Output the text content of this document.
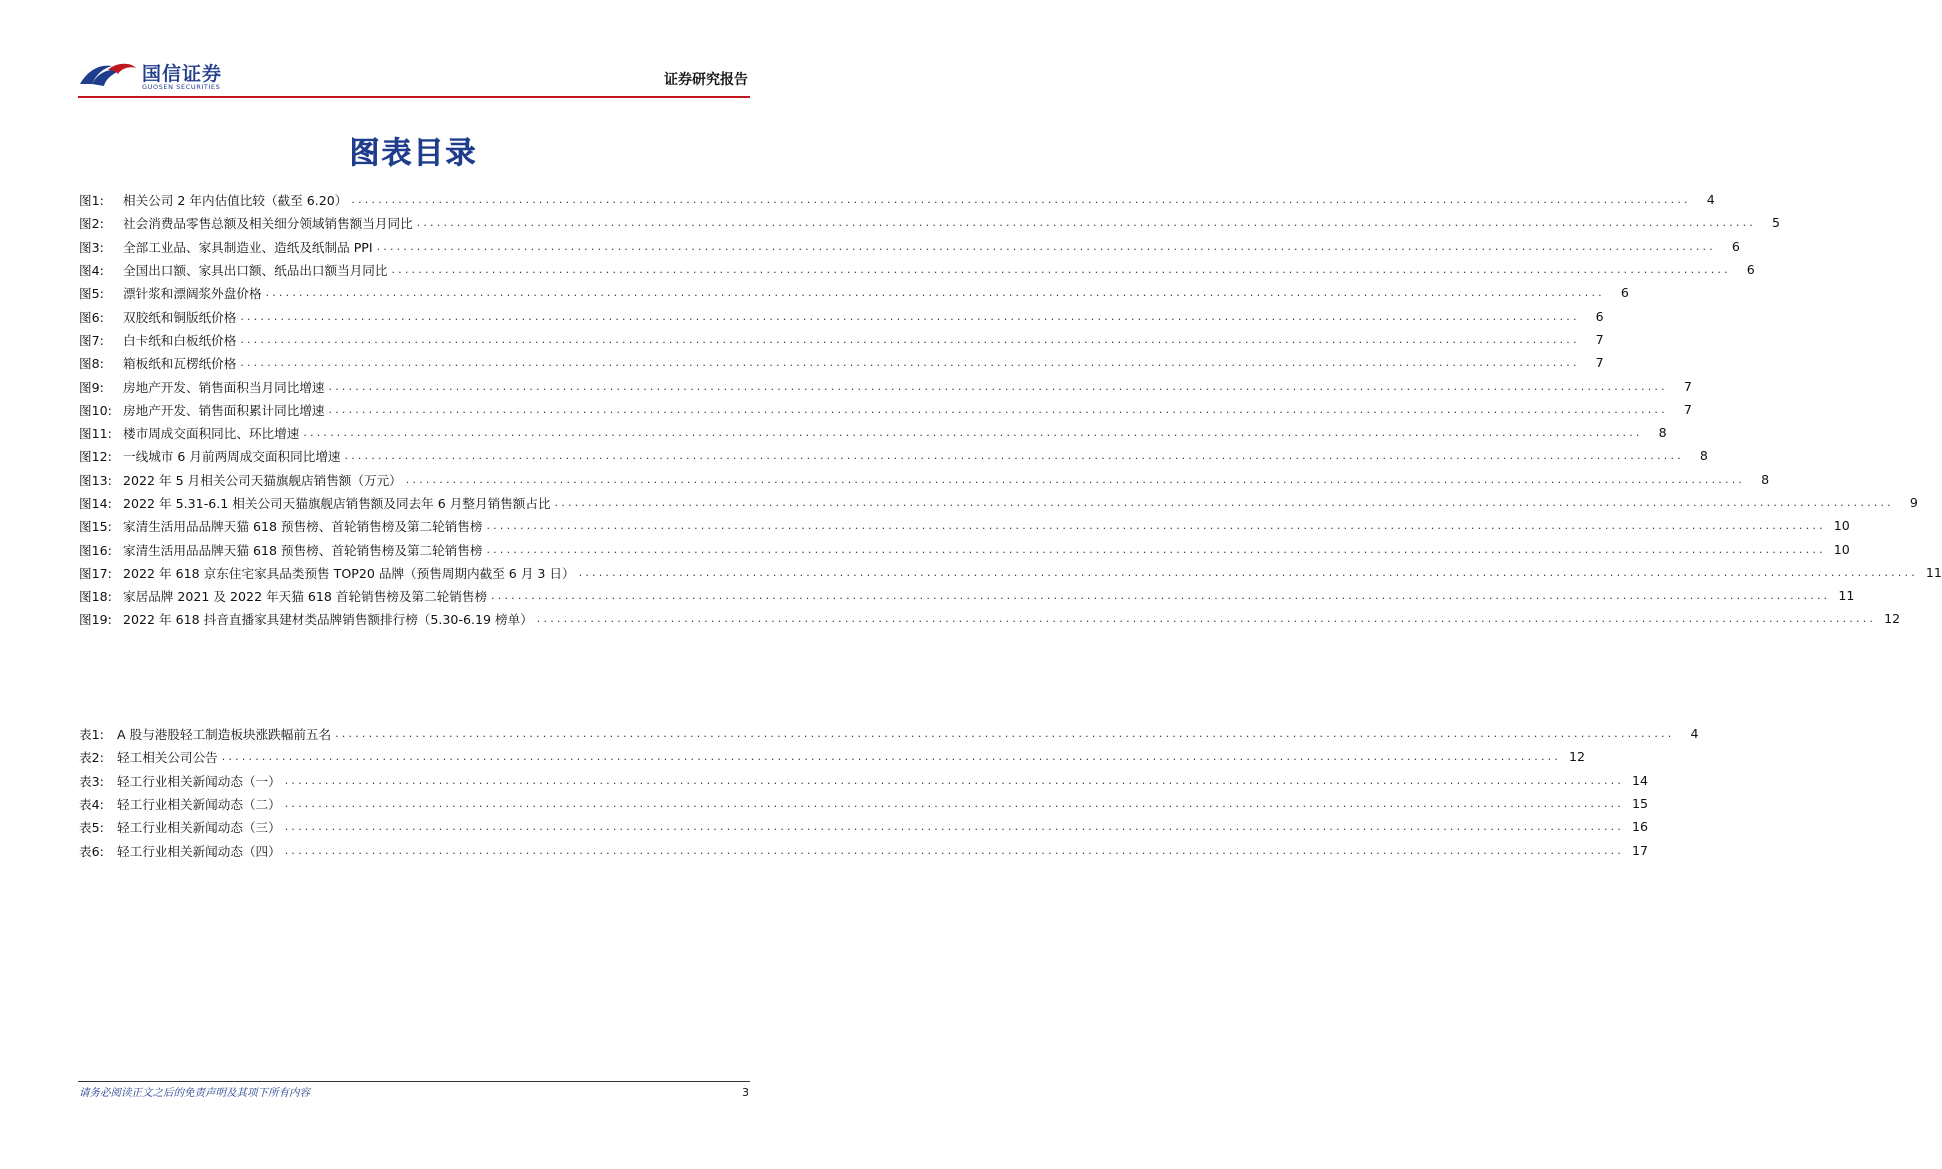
国信证券
GUOSEN SECURITIES	证券研究报告
图表目录
图1: 相关公司 2 年内估值比较（截至 6.20） ........................................................................................................................................................................................................	4
图2: 社会消费品零售总额及相关细分领域销售额当月同比 ........................................................................................................................................................................................................	5
图3: 全部工业品、家具制造业、造纸及纸制品 PPI ........................................................................................................................................................................................................	6
图4: 全国出口额、家具出口额、纸品出口额当月同比 ........................................................................................................................................................................................................	6
图5: 漂针浆和漂阔浆外盘价格 ........................................................................................................................................................................................................	6
图6: 双胶纸和铜版纸价格 ........................................................................................................................................................................................................	6
图7: 白卡纸和白板纸价格 ........................................................................................................................................................................................................	7
图8: 箱板纸和瓦楞纸价格 ........................................................................................................................................................................................................	7
图9: 房地产开发、销售面积当月同比增速 ........................................................................................................................................................................................................	7
图10: 房地产开发、销售面积累计同比增速 ........................................................................................................................................................................................................	7
图11: 楼市周成交面积同比、环比增速 ........................................................................................................................................................................................................	8
图12: 一线城市 6 月前两周成交面积同比增速 ........................................................................................................................................................................................................	8
图13: 2022 年 5 月相关公司天猫旗舰店销售额（万元） ........................................................................................................................................................................................................	8
图14: 2022 年 5.31-6.1 相关公司天猫旗舰店销售额及同去年 6 月整月销售额占比 ........................................................................................................................................................................................................	9
图15: 家清生活用品品牌天猫 618 预售榜、首轮销售榜及第二轮销售榜 ........................................................................................................................................................................................................ 10
图16: 家清生活用品品牌天猫 618 预售榜、首轮销售榜及第二轮销售榜 ........................................................................................................................................................................................................ 10
图17: 2022 年 618 京东住宅家具品类预售 TOP20 品牌（预售周期内截至 6 月 3 日） ........................................................................................................................................................................................................ 11
图18: 家居品牌 2021 及 2022 年天猫 618 首轮销售榜及第二轮销售榜 ........................................................................................................................................................................................................ 11
图19: 2022 年 618 抖音直播家具建材类品牌销售额排行榜（5.30-6.19 榜单） ........................................................................................................................................................................................................ 12
表1: A 股与港股轻工制造板块涨跌幅前五名 ........................................................................................................................................................................................................	4
表2: 轻工相关公司公告 ........................................................................................................................................................................................................ 12
表3: 轻工行业相关新闻动态（一） ........................................................................................................................................................................................................ 14
表4: 轻工行业相关新闻动态（二） ........................................................................................................................................................................................................ 15
表5: 轻工行业相关新闻动态（三） ........................................................................................................................................................................................................ 16
表6: 轻工行业相关新闻动态（四） ........................................................................................................................................................................................................ 17
请务必阅读正文之后的免责声明及其项下所有内容	3
